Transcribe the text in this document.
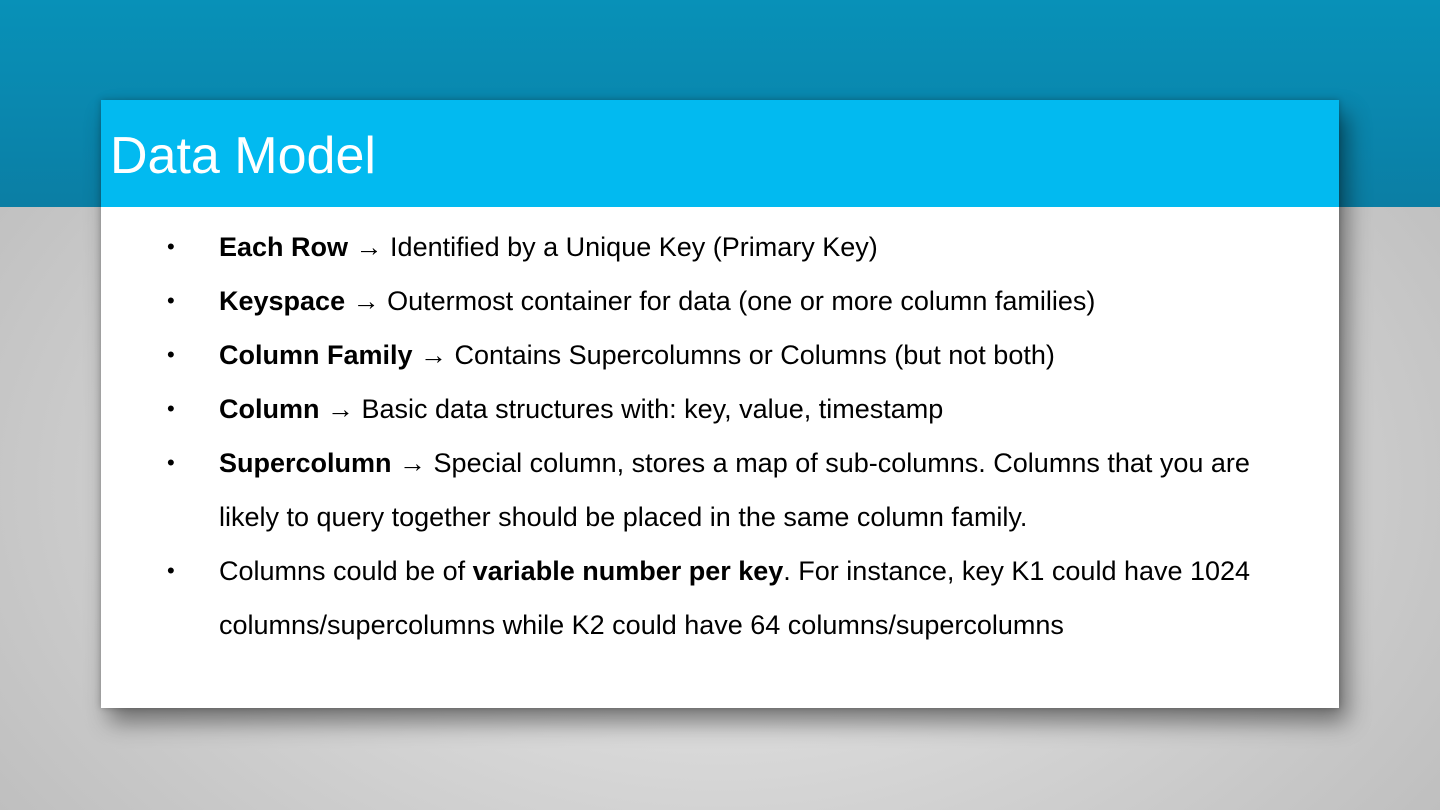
Data Model
• Each Row → Identified by a Unique Key (Primary Key)
• Keyspace → Outermost container for data (one or more column families)
• Column Family → Contains Supercolumns or Columns (but not both)
• Column → Basic data structures with: key, value, timestamp
• Supercolumn → Special column, stores a map of sub-columns. Columns that you are likely to query together should be placed in the same column family.
• Columns could be of variable number per key. For instance, key K1 could have 1024 columns/supercolumns while K2 could have 64 columns/supercolumns
